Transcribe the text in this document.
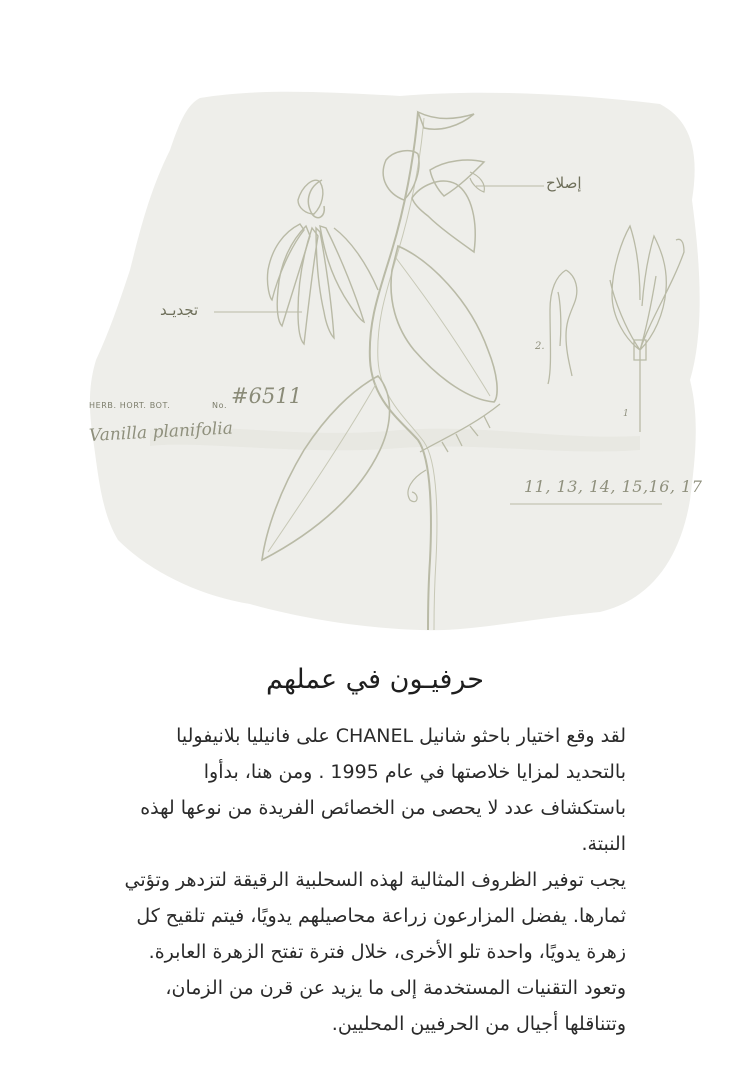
إصلاح
تجديـد
HERB. HORT. BOT.	No. #6511
Vanilla planifolia
11, 13, 14, 15,16, 17
2.
1
حرفيـون في عملهم

لقد وقع اختيار باحثو شانيل CHANEL على فانيليا بلانيفوليا بالتحديد لمزايا خلاصتها في عام 1995 . ومن هنا، بدأوا باستكشاف عدد لا يحصى من الخصائص الفريدة من نوعها لهذه النبتة.

يجب توفير الظروف المثالية لهذه السحلبية الرقيقة لتزدهر وتؤتي ثمارها. يفضل المزارعون زراعة محاصيلهم يدويًا، فيتم تلقيح كل زهرة يدويًا، واحدة تلو الأخرى، خلال فترة تفتح الزهرة العابرة. وتعود التقنيات المستخدمة إلى ما يزيد عن قرن من الزمان، وتتناقلها أجيال من الحرفيين المحليين.
